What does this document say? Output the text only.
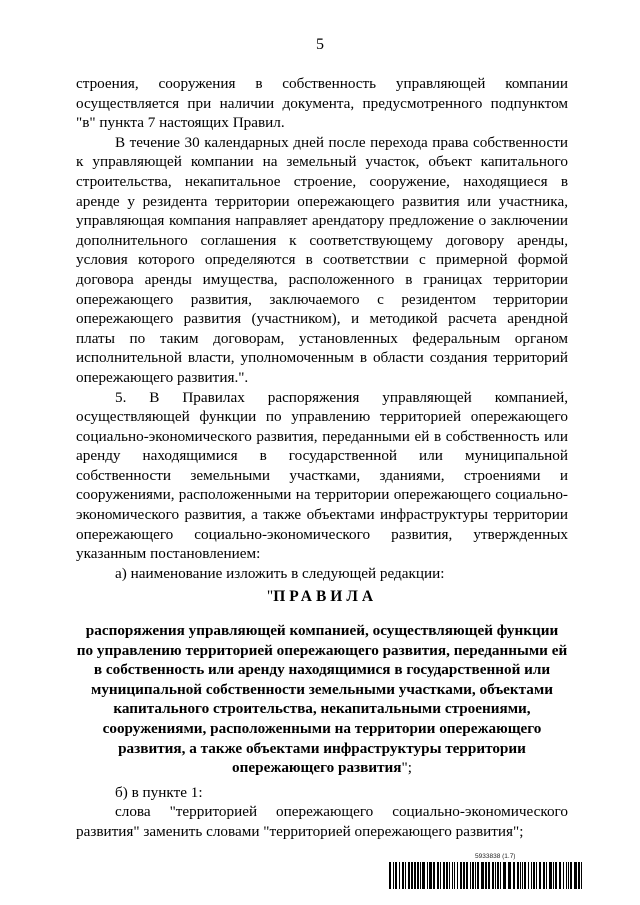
5

строения, сооружения в собственность управляющей компании осуществляется при наличии документа, предусмотренного подпунктом "в" пункта 7 настоящих Правил.

В течение 30 календарных дней после перехода права собственности к управляющей компании на земельный участок, объект капитального строительства, некапитальное строение, сооружение, находящиеся в аренде у резидента территории опережающего развития или участника, управляющая компания направляет арендатору предложение о заключении дополнительного соглашения к соответствующему договору аренды, условия которого определяются в соответствии с примерной формой договора аренды имущества, расположенного в границах территории опережающего развития, заключаемого с резидентом территории опережающего развития (участником), и методикой расчета арендной платы по таким договорам, установленных федеральным органом исполнительной власти, уполномоченным в области создания территорий опережающего развития.".

5. В Правилах распоряжения управляющей компанией, осуществляющей функции по управлению территорией опережающего социально-экономического развития, переданными ей в собственность или аренду находящимися в государственной или муниципальной собственности земельными участками, зданиями, строениями и сооружениями, расположенными на территории опережающего социально-экономического развития, а также объектами инфраструктуры территории опережающего социально-экономического развития, утвержденных указанным постановлением:

а) наименование изложить в следующей редакции:

"ПРАВИЛА
распоряжения управляющей компанией, осуществляющей функции по управлению территорией опережающего развития, переданными ей в собственность или аренду находящимися в государственной или муниципальной собственности земельными участками, объектами капитального строительства, некапитальными строениями, сооружениями, расположенными на территории опережающего развития, а также объектами инфраструктуры территории опережающего развития";

б) в пункте 1:

слова "территорией опережающего социально-экономического развития" заменить словами "территорией опережающего развития";

5933838 (1.7)
